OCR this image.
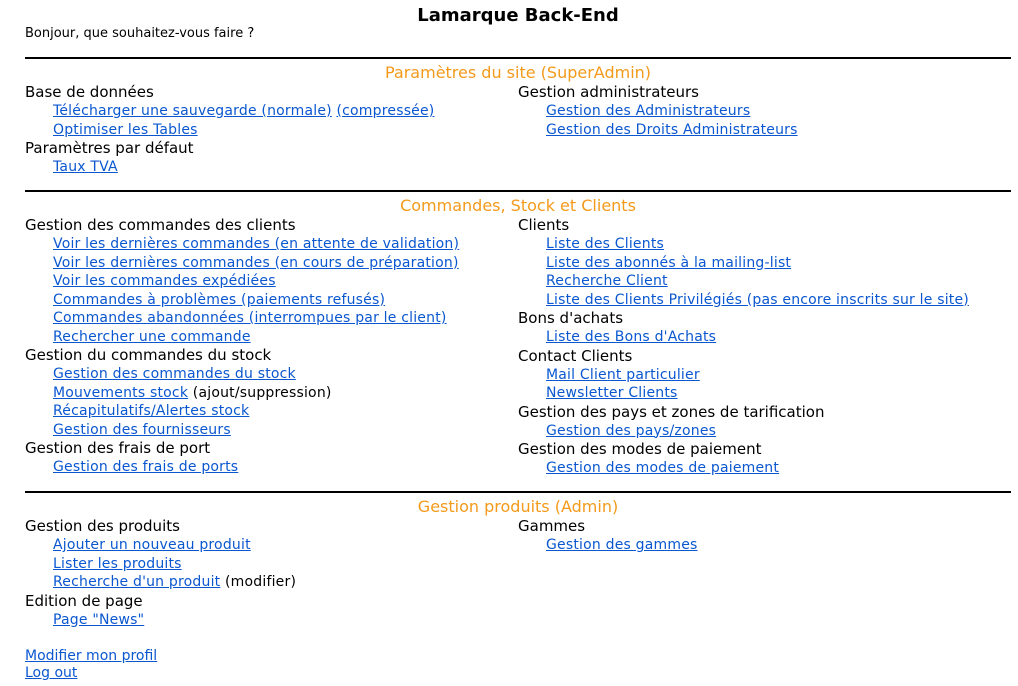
Lamarque Back-End
Bonjour, que souhaitez-vous faire ?
Paramètres du site (SuperAdmin)
Base de données
Télécharger une sauvegarde (normale) (compressée)
Optimiser les Tables
Paramètres par défaut
Taux TVA
Gestion administrateurs
Gestion des Administrateurs
Gestion des Droits Administrateurs
Commandes, Stock et Clients
Gestion des commandes des clients
Voir les dernières commandes (en attente de validation)
Voir les dernières commandes (en cours de préparation)
Voir les commandes expédiées
Commandes à problèmes (paiements refusés)
Commandes abandonnées (interrompues par le client)
Rechercher une commande
Gestion du commandes du stock
Gestion des commandes du stock
Mouvements stock (ajout/suppression)
Récapitulatifs/Alertes stock
Gestion des fournisseurs
Gestion des frais de port
Gestion des frais de ports
Clients
Liste des Clients
Liste des abonnés à la mailing-list
Recherche Client
Liste des Clients Privilégiés (pas encore inscrits sur le site)
Bons d'achats
Liste des Bons d'Achats
Contact Clients
Mail Client particulier
Newsletter Clients
Gestion des pays et zones de tarification
Gestion des pays/zones
Gestion des modes de paiement
Gestion des modes de paiement
Gestion produits (Admin)
Gestion des produits
Ajouter un nouveau produit
Lister les produits
Recherche d'un produit (modifier)
Edition de page
Page "News"
Gammes
Gestion des gammes
Modifier mon profil
Log out
